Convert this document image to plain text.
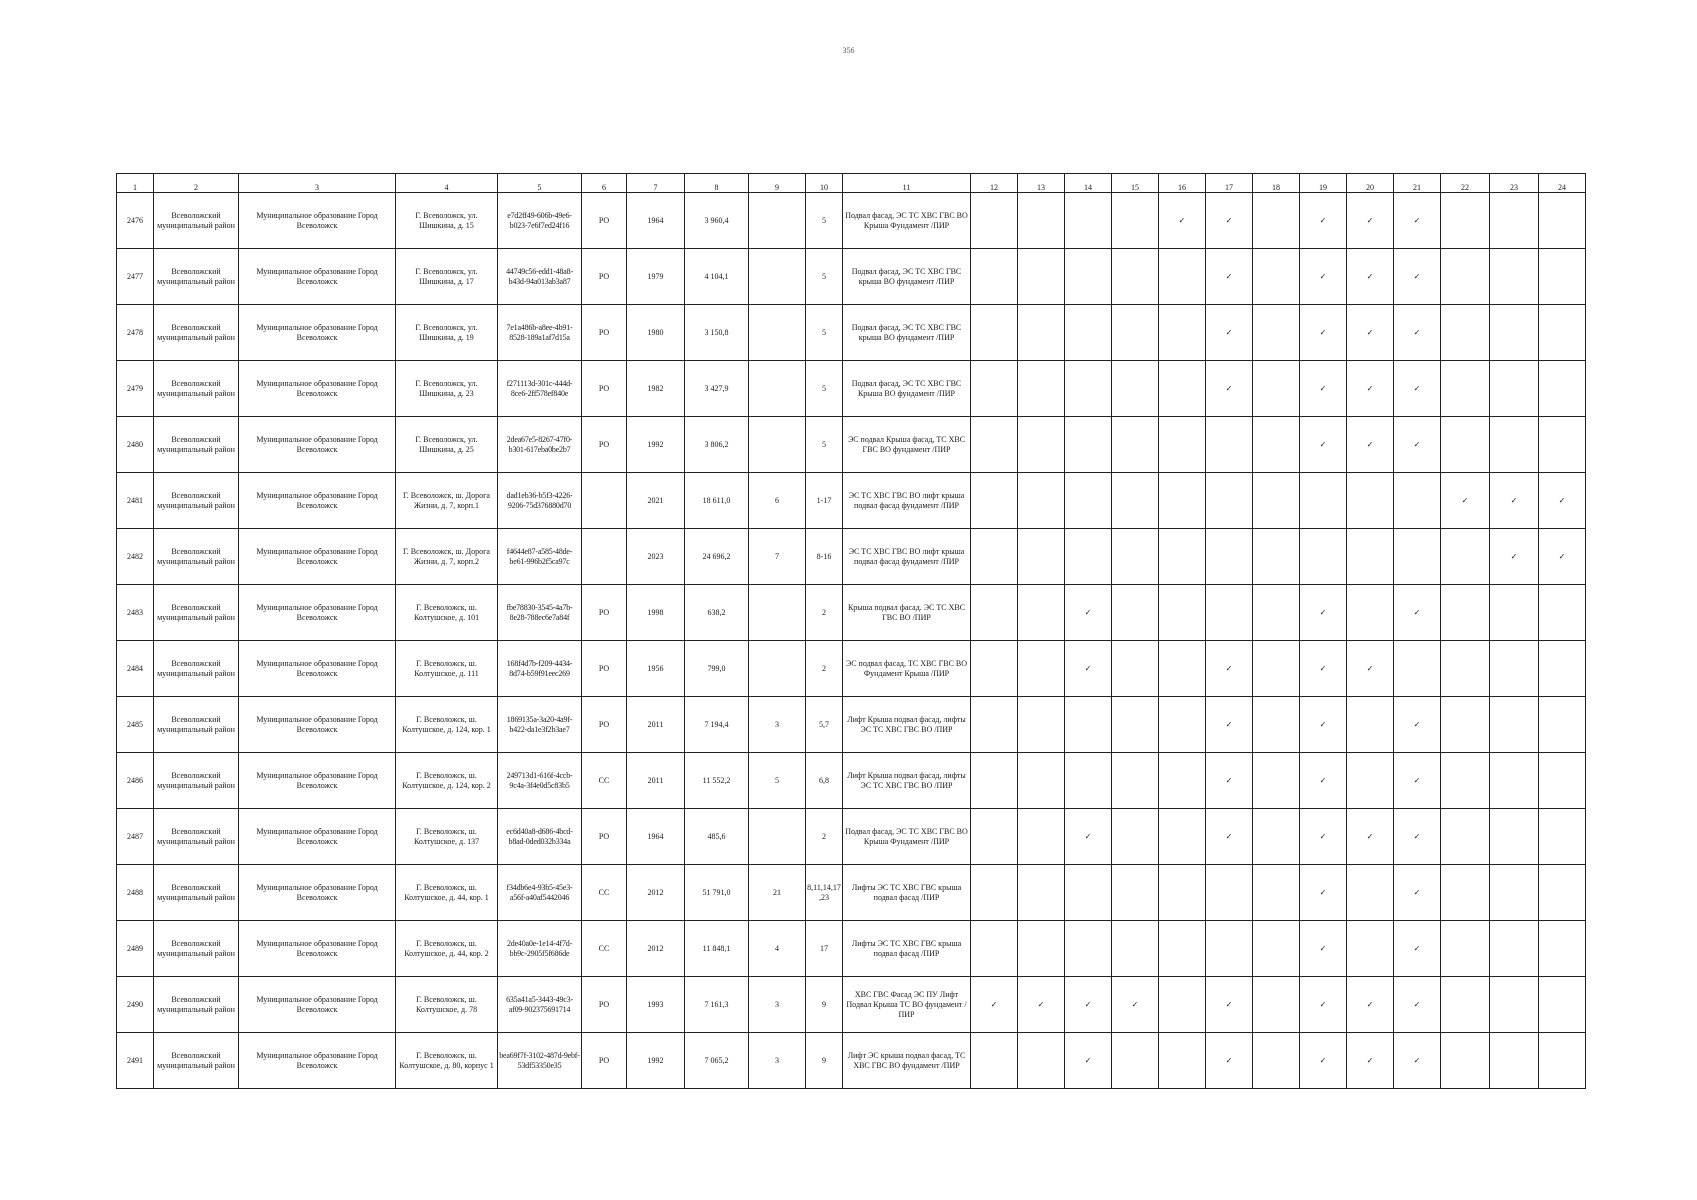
356
1	2	3	4	5	6	7	8	9	10	11	12	13	14	15	16	17	18	19	20	21	22	23	24
2476	Всеволожский муниципальный район	Муниципальное образование Город Всеволожск	Г. Всеволожск, ул. Шишкина, д. 15	e7d2ff49-606b-49e6-b023-7e6f7ed24f16	РО	1964	3 960,4		5	Подвал фасад, ЭС ТС ХВС ГВС ВО Крыша Фундамент /ПИР					✓	✓		✓	✓	✓			
2477	Всеволожский муниципальный район	Муниципальное образование Город Всеволожск	Г. Всеволожск, ул. Шишкина, д. 17	44749c56-edd1-48a8-b43d-94a013ab3a87	РО	1979	4 104,1		5	Подвал фасад, ЭС ТС ХВС ГВС крыша ВО фундамент /ПИР						✓		✓	✓	✓			
2478	Всеволожский муниципальный район	Муниципальное образование Город Всеволожск	Г. Всеволожск, ул. Шишкина, д. 19	7e1a486b-a8ee-4b91-8528-189a1af7d15a	РО	1980	3 150,8		5	Подвал фасад, ЭС ТС ХВС ГВС крыша ВО фундамент /ПИР						✓		✓	✓	✓			
2479	Всеволожский муниципальный район	Муниципальное образование Город Всеволожск	Г. Всеволожск, ул. Шишкина, д. 23	f271113d-301c-444d-8ce6-2ff578ef840e	РО	1982	3 427,9		5	Подвал фасад, ЭС ТС ХВС ГВС Крыша ВО фундамент /ПИР						✓		✓	✓	✓			
2480	Всеволожский муниципальный район	Муниципальное образование Город Всеволожск	Г. Всеволожск, ул. Шишкина, д. 25	2dea67e5-8267-47f0-b301-617eba0be2b7	РО	1992	3 806,2		5	ЭС подвал Крыша фасад, ТС ХВС ГВС ВО фундамент /ПИР								✓	✓	✓			
2481	Всеволожский муниципальный район	Муниципальное образование Город Всеволожск	Г. Всеволожск, ш. Дорога Жизни, д. 7, корп.1	dad1eb36-b5f3-4226-9206-75d376880d70		2021	18 611,0	6	1-17	ЭС ТС ХВС ГВС ВО лифт крыша подвал фасад фундамент /ПИР											✓	✓	✓
2482	Всеволожский муниципальный район	Муниципальное образование Город Всеволожск	Г. Всеволожск, ш. Дорога Жизни, д. 7, корп.2	f4644e87-a585-48de-be61-996b2f5ca97c		2023	24 696,2	7	8-16	ЭС ТС ХВС ГВС ВО лифт крыша подвал фасад фундамент /ПИР												✓	✓
2483	Всеволожский муниципальный район	Муниципальное образование Город Всеволожск	Г. Всеволожск, ш. Колтушское, д. 101	fbe78830-3545-4a7b-8e28-788ec6e7a84f	РО	1998	638,2		2	Крыша подвал фасад. ЭС ТС ХВС ГВС ВО /ПИР			✓					✓		✓			
2484	Всеволожский муниципальный район	Муниципальное образование Город Всеволожск	Г. Всеволожск, ш. Колтушское, д. 111	168f4d7b-f209-4434-8d74-b59f91eec269	РО	1956	799,0		2	ЭС подвал фасад, ТС ХВС ГВС ВО Фундамент Крыша /ПИР			✓			✓		✓	✓				
2485	Всеволожский муниципальный район	Муниципальное образование Город Всеволожск	Г. Всеволожск, ш. Колтушское, д. 124, кор. 1	1869135a-3a20-4a9f-b422-da1e3f2b3ae7	РО	2011	7 194,4	3	5,7	Лифт Крыша подвал фасад, лифты ЭС ТС ХВС ГВС ВО /ПИР						✓		✓		✓			
2486	Всеволожский муниципальный район	Муниципальное образование Город Всеволожск	Г. Всеволожск, ш. Колтушское, д. 124, кор. 2	249713d1-616f-4ccb-9c4a-3f4e0d5c83b5	СС	2011	11 552,2	5	6,8	Лифт Крыша подвал фасад, лифты ЭС ТС ХВС ГВС ВО /ПИР						✓		✓		✓			
2487	Всеволожский муниципальный район	Муниципальное образование Город Всеволожск	Г. Всеволожск, ш. Колтушское, д. 137	ec6d40a8-d686-4bcd-b8ad-0ded032b334a	РО	1964	485,6		2	Подвал фасад, ЭС ТС ХВС ГВС ВО Крыша Фундамент /ПИР			✓			✓		✓	✓	✓			
2488	Всеволожский муниципальный район	Муниципальное образование Город Всеволожск	Г. Всеволожск, ш. Колтушское, д. 44, кор. 1	f34db6e4-93b5-45e3-a56f-a40af5442046	СС	2012	51 791,0	21	8,11,14,17,23	Лифты ЭС ТС ХВС ГВС крыша подвал фасад /ПИР								✓		✓			
2489	Всеволожский муниципальный район	Муниципальное образование Город Всеволожск	Г. Всеволожск, ш. Колтушское, д. 44, кор. 2	2de40a0e-1e14-4f7d-bb9c-2905f5f686de	СС	2012	11 848,1	4	17	Лифты ЭС ТС ХВС ГВС крыша подвал фасад /ПИР								✓		✓			
2490	Всеволожский муниципальный район	Муниципальное образование Город Всеволожск	Г. Всеволожск, ш. Колтушское, д. 78	635a41a5-3443-49c3-af09-902375691714	РО	1993	7 161,3	3	9	ХВС ГВС Фасад ЭС ПУ Лифт Подвал Крыша ТС ВО фундамент /ПИР	✓	✓	✓	✓		✓		✓	✓	✓			
2491	Всеволожский муниципальный район	Муниципальное образование Город Всеволожск	Г. Всеволожск, ш. Колтушское, д. 80, корпус 1	bea69f7f-3102-487d-9ebf-53df53350e35	РО	1992	7 065,2	3	9	Лифт ЭС крыша подвал фасад, ТС ХВС ГВС ВО фундамент /ПИР			✓			✓		✓	✓	✓			
